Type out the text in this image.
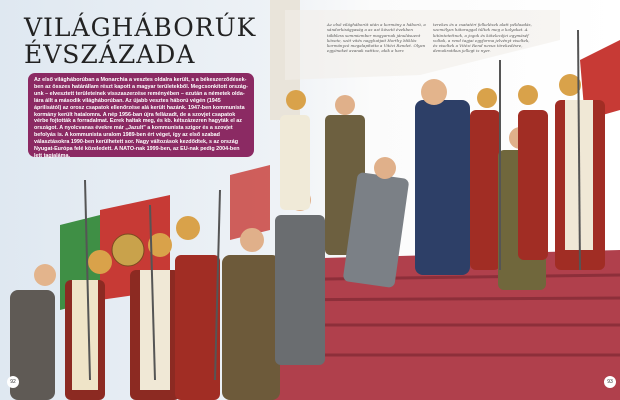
VILÁGHÁBORÚK
ÉVSZÁZADA
Az első világháborúban a Monarchia a vesztes oldalra került, s a békeszerződésekben az összes határállam részt kapott a magyar területekből. Megcsonkított országunk – elvesztett területeinek visszaszerzése reményében – ezután a németek oldalára állt a második világháborúban. Az újabb vesztes háború végén (1945 áprilisától) az orosz csapatok ellenőrzése alá került hazánk. 1947-ben kommunista kormány került hatalomra. A nép 1956-ban újra fellázadt, de a szovjet csapatok vérbe fojtották a forradalmat. Ezrek haltak meg, és kb. kétszázezren hagyták el az országot. A nyolcvanas évekre már „Jazult" a kommunista szigor és a szovjet befolyás is. A kommunista uralom 1989-ben ért véget, így az első szabad választásokra 1990-ben kerülhetett sor. Nagy változások kezdődtek, s az ország Nyugat-Európa felé közeledett. A NATO-nak 1999-ben, az EU-nak pedig 2004-ben lett tagjaláma.
Az első világháborút után a kormány a háború, a sándorkiságyaság a az azt követő években tábbless semmiember magyarnak jánulásuent követe, szét vités nagyhatjait Horthy Miklós kormányzó megalapította a Vitézi Rendet. Olyan egyéneket avanak vatttoz, akik a harc
terekes és a csatatéri felkelések alatt példaadás, személyes hátoraggal tűltek meg a kolyakat. A kitüntetettnek, a jogok és kötelezőjei egymáséf voltak, a rend tagjai egyforma jelvényt viseltek, és viseltek a Vitézi Rend nevus törekedésre, demokratikus jellegt is nyer.
92	93
